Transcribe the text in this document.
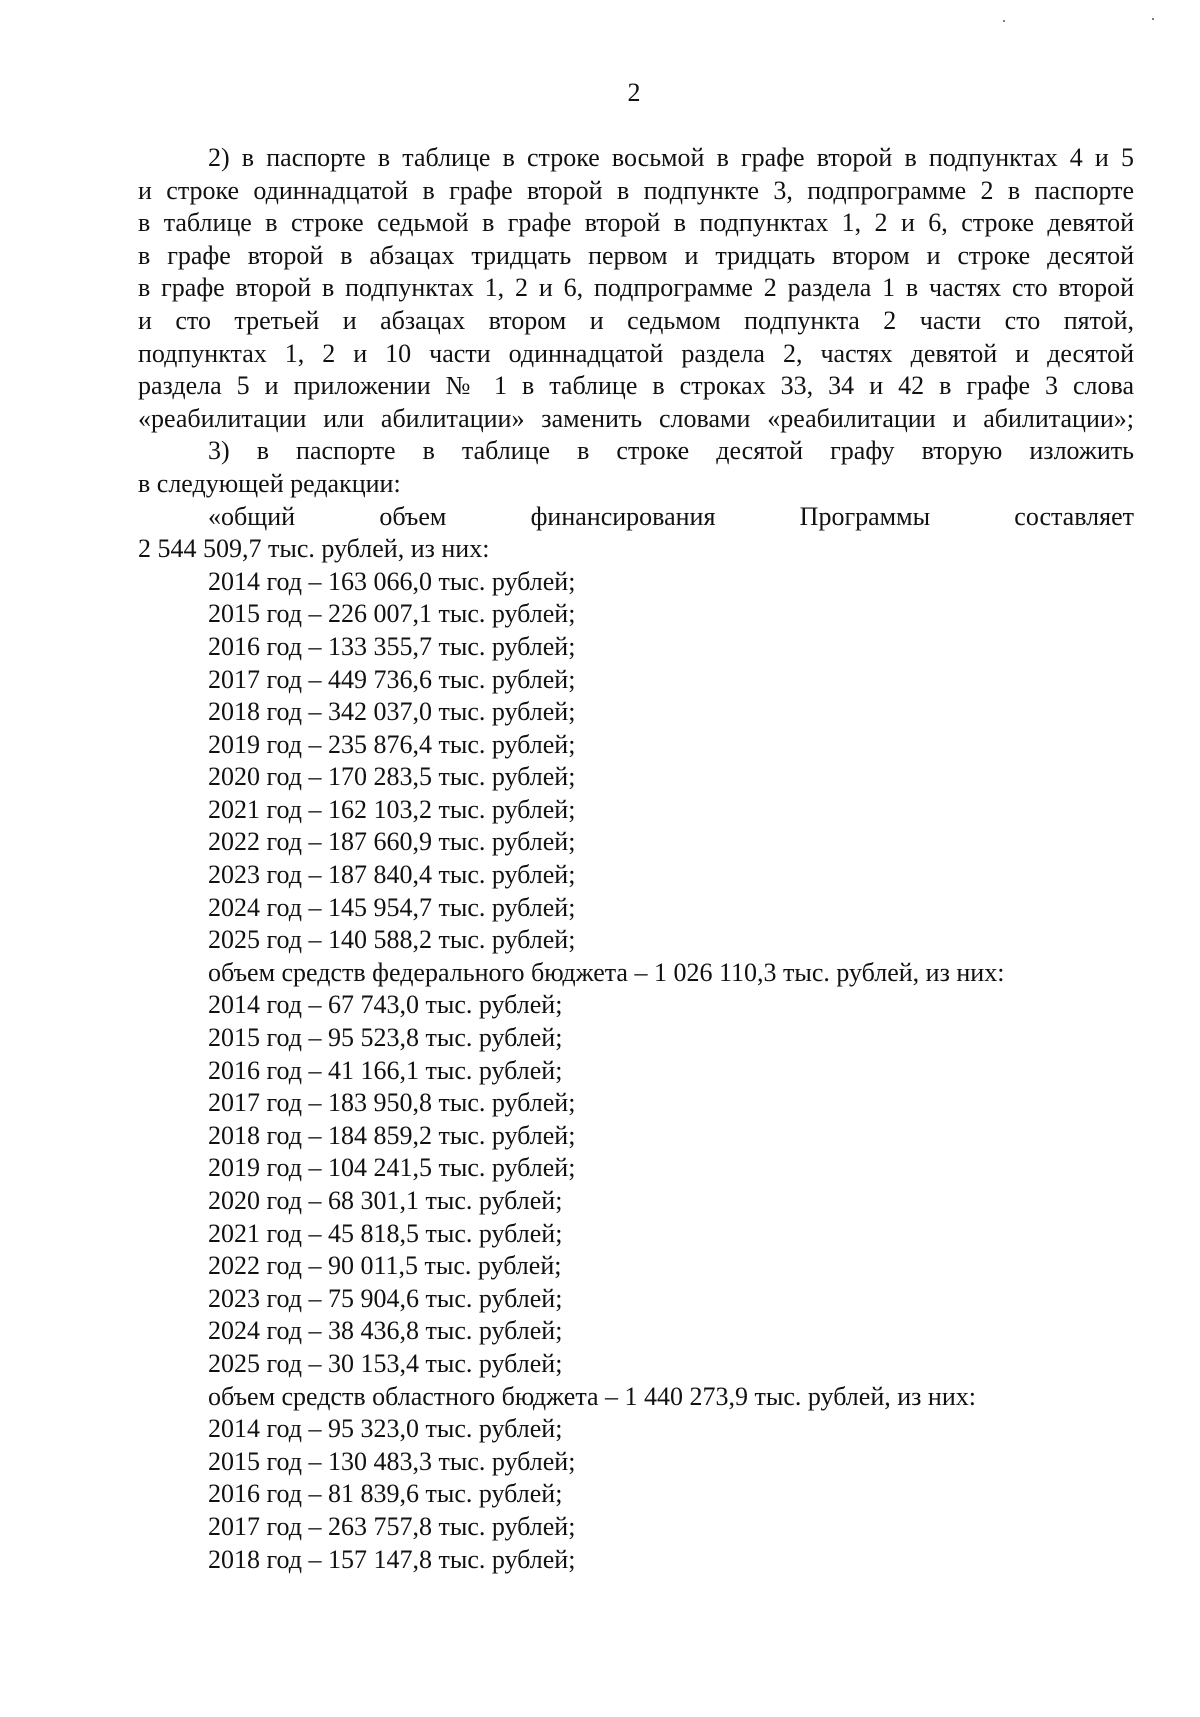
2

2) в паспорте в таблице в строке восьмой в графе второй в подпунктах 4 и 5

и строке одиннадцатой в графе второй в подпункте 3, подпрограмме 2 в паспорте

в таблице в строке седьмой в графе второй в подпунктах 1, 2 и 6, строке девятой

в графе второй в абзацах тридцать первом и тридцать втором и строке десятой

в графе второй в подпунктах 1, 2 и 6, подпрограмме 2 раздела 1 в частях сто второй

и сто третьей и абзацах втором и седьмом подпункта 2 части сто пятой,

подпунктах 1, 2 и 10 части одиннадцатой раздела 2, частях девятой и десятой

раздела 5 и приложении № 1 в таблице в строках 33, 34 и 42 в графе 3 слова

«реабилитации или абилитации» заменить словами «реабилитации и абилитации»;

3) в паспорте в таблице в строке десятой графу вторую изложить

в следующей редакции:

«общий объем финансирования Программы составляет

2 544 509,7 тыс. рублей, из них:

2014 год – 163 066,0 тыс. рублей;

2015 год – 226 007,1 тыс. рублей;

2016 год – 133 355,7 тыс. рублей;

2017 год – 449 736,6 тыс. рублей;

2018 год – 342 037,0 тыс. рублей;

2019 год – 235 876,4 тыс. рублей;

2020 год – 170 283,5 тыс. рублей;

2021 год – 162 103,2 тыс. рублей;

2022 год – 187 660,9 тыс. рублей;

2023 год – 187 840,4 тыс. рублей;

2024 год – 145 954,7 тыс. рублей;

2025 год – 140 588,2 тыс. рублей;

объем средств федерального бюджета – 1 026 110,3 тыс. рублей, из них:

2014 год – 67 743,0 тыс. рублей;

2015 год – 95 523,8 тыс. рублей;

2016 год – 41 166,1 тыс. рублей;

2017 год – 183 950,8 тыс. рублей;

2018 год – 184 859,2 тыс. рублей;

2019 год – 104 241,5 тыс. рублей;

2020 год – 68 301,1 тыс. рублей;

2021 год – 45 818,5 тыс. рублей;

2022 год – 90 011,5 тыс. рублей;

2023 год – 75 904,6 тыс. рублей;

2024 год – 38 436,8 тыс. рублей;

2025 год – 30 153,4 тыс. рублей;

объем средств областного бюджета – 1 440 273,9 тыс. рублей, из них:

2014 год – 95 323,0 тыс. рублей;

2015 год – 130 483,3 тыс. рублей;

2016 год – 81 839,6 тыс. рублей;

2017 год – 263 757,8 тыс. рублей;

2018 год – 157 147,8 тыс. рублей;
